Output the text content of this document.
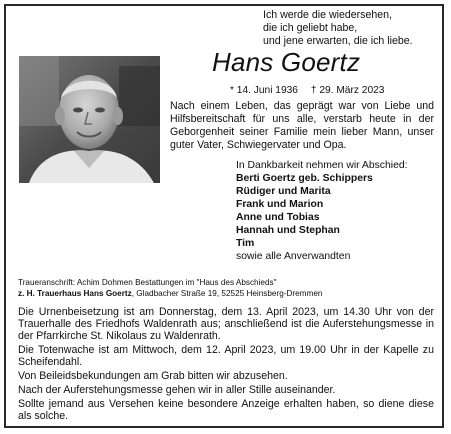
Ich werde die wiedersehen,
die ich geliebt habe,
und jene erwarten, die ich liebe.
Hans Goertz
* 14. Juni 1936 † 29. März 2023
Nach einem Leben, das geprägt war von Liebe und Hilfsbereitschaft für uns alle, verstarb heute in der Geborgenheit seiner Familie mein lieber Mann, unser guter Vater, Schwiegervater und Opa.
In Dankbarkeit nehmen wir Abschied:
Berti Goertz geb. Schippers
Rüdiger und Marita
Frank und Marion
Anne und Tobias
Hannah und Stephan
Tim
sowie alle Anverwandten
Traueranschrift: Achim Dohmen Bestattungen im "Haus des Abschieds"
z. H. Trauerhaus Hans Goertz, Gladbacher Straße 19, 52525 Heinsberg-Dremmen

Die Urnenbeisetzung ist am Donnerstag, dem 13. April 2023, um 14.30 Uhr von der Trauerhalle des Friedhofs Waldenrath aus; anschließend ist die Auferstehungsmesse in der Pfarrkirche St. Nikolaus zu Waldenrath.

Die Totenwache ist am Mittwoch, dem 12. April 2023, um 19.00 Uhr in der Kapelle zu Scheifendahl.

Von Beileidsbekundungen am Grab bitten wir abzusehen.

Nach der Auferstehungsmesse gehen wir in aller Stille auseinander.

Sollte jemand aus Versehen keine besondere Anzeige erhalten haben, so diene diese als solche.
